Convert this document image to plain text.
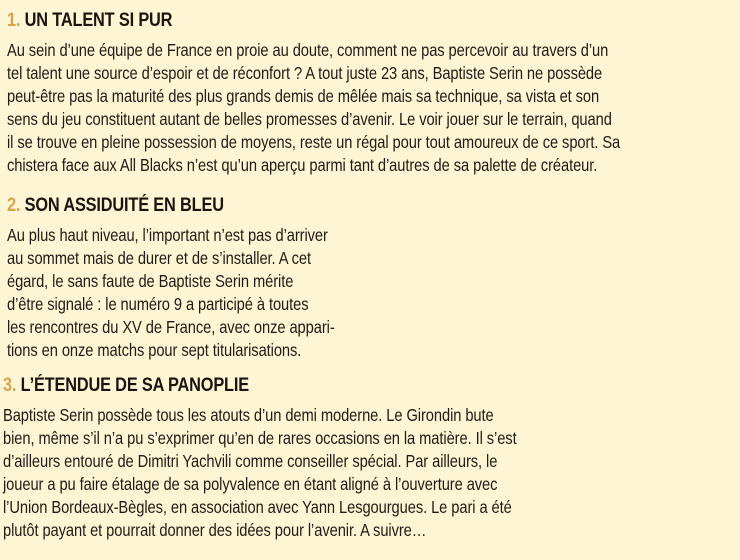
1. UN TALENT SI PUR

Au sein d’une équipe de France en proie au doute, comment ne pas percevoir au travers d’un
tel talent une source d’espoir et de réconfort ? A tout juste 23 ans, Baptiste Serin ne possède
peut-être pas la maturité des plus grands demis de mêlée mais sa technique, sa vista et son
sens du jeu constituent autant de belles promesses d’avenir. Le voir jouer sur le terrain, quand
il se trouve en pleine possession de moyens, reste un régal pour tout amoureux de ce sport. Sa
chistera face aux All Blacks n’est qu’un aperçu parmi tant d’autres de sa palette de créateur.

2. SON ASSIDUITÉ EN BLEU

Au plus haut niveau, l’important n’est pas d’arriver
au sommet mais de durer et de s’installer. A cet
égard, le sans faute de Baptiste Serin mérite
d’être signalé : le numéro 9 a participé à toutes
les rencontres du XV de France, avec onze appari-
tions en onze matchs pour sept titularisations.

3. L’ÉTENDUE DE SA PANOPLIE

Baptiste Serin possède tous les atouts d’un demi moderne. Le Girondin bute
bien, même s’il n’a pu s’exprimer qu’en de rares occasions en la matière. Il s’est
d’ailleurs entouré de Dimitri Yachvili comme conseiller spécial. Par ailleurs, le
joueur a pu faire étalage de sa polyvalence en étant aligné à l’ouverture avec
l’Union Bordeaux-Bègles, en association avec Yann Lesgourgues. Le pari a été
plutôt payant et pourrait donner des idées pour l’avenir. A suivre…
